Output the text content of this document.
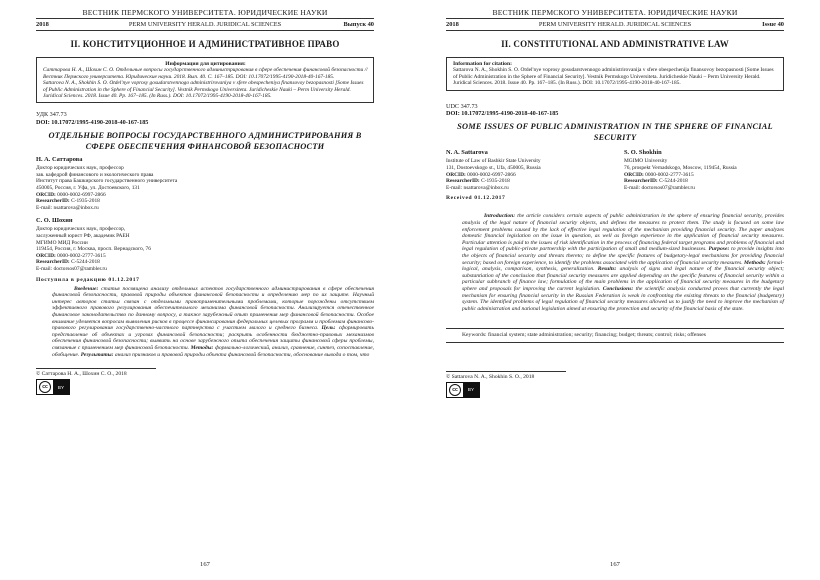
ВЕСТНИК ПЕРМСКОГО УНИВЕРСИТЕТА. ЮРИДИЧЕСКИЕ НАУКИ
2018	PERM UNIVERSITY HERALD. JURIDICAL SCIENCES	Выпуск 40
II. КОНСТИТУЦИОННОЕ И АДМИНИСТРАТИВНОЕ ПРАВО
Информация для цитирования:

Саттарова Н. А., Шохин С. О. Отдельные вопросы государственного администрирования в сфере обеспечения финансовой безопасности // Вестник Пермского университета. Юридические науки. 2018. Вып. 40. С. 167–185. DOI: 10.17072/1995-4190-2018-40-167-185.

Sattarova N. A., Shokhin S. O. Otdel'nye voprosy gosudarstvennogo administrirovaniya v sfere obespecheniya finansovoy bezopasnosti [Some Issues of Public Administration in the Sphere of Financial Security]. Vestnik Permskogo Universiteta. Juridicheskie Nauki – Perm University Herald. Juridical Sciences. 2018. Issue 40. Pp. 167–185. (In Russ.). DOI: 10.17072/1995-4190-2018-40-167-185.

УДК 347.73
DOI: 10.17072/1995-4190-2018-40-167-185
ОТДЕЛЬНЫЕ ВОПРОСЫ ГОСУДАРСТВЕННОГО АДМИНИСТРИРОВАНИЯ В СФЕРЕ ОБЕСПЕЧЕНИЯ ФИНАНСОВОЙ БЕЗОПАСНОСТИ
Н. А. Саттарова
Доктор юридических наук, профессор
зав. кафедрой финансового и экологического права
Институт права Башкирского государственного университета
450005, Россия, г. Уфа, ул. Достоевского, 131
ORCID: 0000-0002-6997-2866
ResearcherID: C-1935-2018
E-mail: nsattarova@inbox.ru
С. О. Шохин
Доктор юридических наук, профессор,
заслуженный юрист РФ, академик РАЕН
МГИМО МИД России
119454, Россия, г. Москва, просп. Вернадского, 76
ORCID: 0000-0002-2777-3615
ResearcherID: C-5244-2018
E-mail: doctorsos07@rambler.ru
Поступила в редакцию 01.12.2017
Введение: статья посвящена анализу отдельных аспектов государственного администрирования в сфере обеспечения финансовой безопасности, правовой природы объектов финансовой безопасности и определению мер по их защите. Научный интерес авторов статьи связан с отдельными правоприменительными проблемами, которые порождены отсутствием эффективного правового регулирования обеспечительного механизма финансовой безопасности. Анализируется отечественное финансовое законодательство по данному вопросу, а также зарубежный опыт применения мер финансовой безопасности. Особое внимание уделяется вопросам выявления рисков в процессе финансирования федеральных целевых программ и проблемам финансово-правового регулирования государственно-частного партнерства с участием малого и среднего бизнеса. Цель: сформировать представление об объектах и угрозах финансовой безопасности; раскрыть особенности бюджетно-правовых механизмов обеспечения финансовой безопасности; выявить на основе зарубежного опыта обеспечения защиты финансовой сферы проблемы, связанные с применением мер финансовой безопасности. Методы: формально-логический, анализ, сравнение, синтез, сопоставление, обобщение. Результаты: анализ признаков и правовой природы объекта финансовой безопасности, обоснование вывода о том, что
© Саттарова Н. А., Шохин С. О., 2018
cc	BY
167
ВЕСТНИК ПЕРМСКОГО УНИВЕРСИТЕТА. ЮРИДИЧЕСКИЕ НАУКИ
2018	PERM UNIVERSITY HERALD. JURIDICAL SCIENCES	Issue 40
II. CONSTITUTIONAL AND ADMINISTRATIVE LAW
Information for citation:

Sattarova N. A., Shokhin S. O. Otdel'nye voprosy gosudarstvennogo administrirovanija v sfere obespechenija finansovoy bezopasnosti [Some Issues of Public Administration in the Sphere of Financial Security]. Vestnik Permskogo Universiteta. Juridicheskie Nauki – Perm University Herald. Juridical Sciences. 2018. Issue 40. Pp. 167–185. (In Russ.). DOI: 10.17072/1995-4190-2018-40-167-185.

UDC 347.73
DOI: 10.17072/1995-4190-2018-40-167-185
SOME ISSUES OF PUBLIC ADMINISTRATION IN THE SPHERE OF FINANCIAL SECURITY
N. A. Sattarova
Institute of Law of Bashkir State University
131, Dostoevskogo st., Ufa, 450005, Russia
ORCID: 0000-0002-6997-2866
ResearcherID: C-1935-2018
E-mail: nsattarova@inbox.ru
S. O. Shokhin
MGIMO University
76, prospekt Vernadskogo, Moscow, 119454, Russia
ORCID: 0000-0002-2777-3615
ResearcherID: C-5244-2018
E-mail: doctorsos07@rambler.ru
Received 01.12.2017
Introduction: the article considers certain aspects of public administration in the sphere of ensuring financial security, provides analysis of the legal nature of financial security objects, and defines the measures to protect them. The study is focused on some law enforcement problems caused by the lack of effective legal regulation of the mechanism providing financial security. The paper analyzes domestic financial legislation on the issue in question, as well as foreign experience in the application of financial security measures. Particular attention is paid to the issues of risk identification in the process of financing federal target programs and problems of financial and legal regulation of public-private partnership with the participation of small and medium-sized businesses. Purpose: to provide insights into the objects of financial security and threats thereto; to define the specific features of budgetary-legal mechanisms for providing financial security; based on foreign experience, to identify the problems associated with the application of financial security measures. Methods: formal-logical, analysis, comparison, synthesis, generalization. Results: analysis of signs and legal nature of the financial security object; substantiation of the conclusion that financial security measures are applied depending on the specific features of financial security within a particular subbranch of finance law; formulation of the main problems in the application of financial security measures in the budgetary sphere and proposals for improving the current legislation. Conclusions: the scientific analysis conducted proves that currently the legal mechanism for ensuring financial security in the Russian Federation is weak in confronting the existing threats to the financial (budgetary) system. The identified problems of legal regulation of financial security measures allowed us to justify the need to improve the mechanism of public administration and national legislation aimed at ensuring the protection and security of the financial basis of the state.
Keywords: financial system; state administration; security; financing; budget; threats; control; risks; offenses
© Sattarova N. A., Shokhin S. O., 2018
cc	BY
167
